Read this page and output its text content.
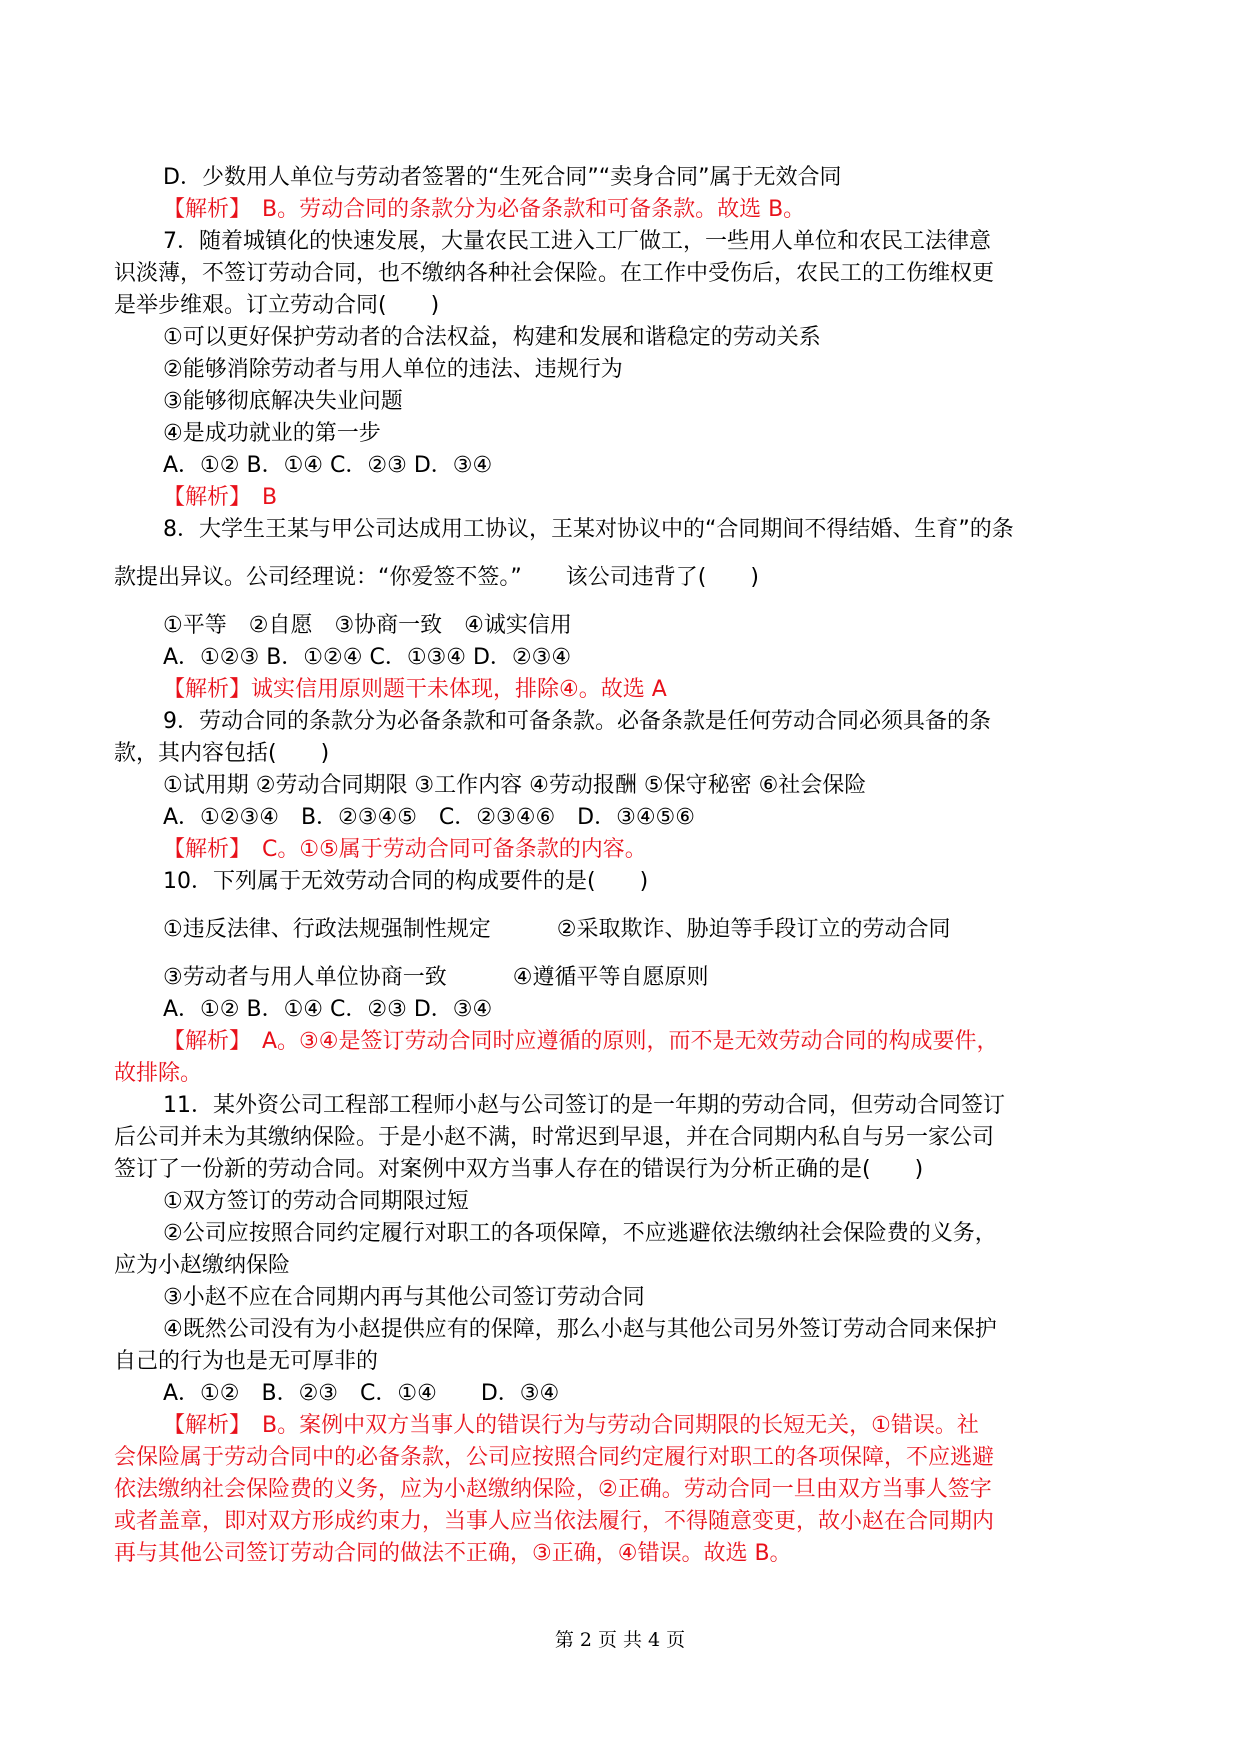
D．少数用人单位与劳动者签署的“生死合同”“卖身合同”属于无效合同
【解析】　B。劳动合同的条款分为必备条款和可备条款。故选 B。
7．随着城镇化的快速发展，大量农民工进入工厂做工，一些用人单位和农民工法律意
识淡薄，不签订劳动合同，也不缴纳各种社会保险。在工作中受伤后，农民工的工伤维权更
是举步维艰。订立劳动合同(　　)
①可以更好保护劳动者的合法权益，构建和发展和谐稳定的劳动关系
②能够消除劳动者与用人单位的违法、违规行为
③能够彻底解决失业问题
④是成功就业的第一步
A．①② B．①④ C．②③ D．③④
【解析】　B
8．大学生王某与甲公司达成用工协议，王某对协议中的“合同期间不得结婚、生育”的条
款提出异议。公司经理说：“你爱签不签。”　　该公司违背了(　　)
①平等　②自愿　③协商一致　④诚实信用
A．①②③ B．①②④ C．①③④ D．②③④
【解析】诚实信用原则题干未体现，排除④。故选 A
9．劳动合同的条款分为必备条款和可备条款。必备条款是任何劳动合同必须具备的条
款，其内容包括(　　)
①试用期 ②劳动合同期限 ③工作内容 ④劳动报酬 ⑤保守秘密 ⑥社会保险
A．①②③④　B．②③④⑤　C．②③④⑥　D．③④⑤⑥
【解析】　C。①⑤属于劳动合同可备条款的内容。
10．下列属于无效劳动合同的构成要件的是(　　)
①违反法律、行政法规强制性规定　　　②采取欺诈、胁迫等手段订立的劳动合同
③劳动者与用人单位协商一致　　　④遵循平等自愿原则
A．①② B．①④ C．②③ D．③④
【解析】　A。③④是签订劳动合同时应遵循的原则，而不是无效劳动合同的构成要件，
故排除。
11．某外资公司工程部工程师小赵与公司签订的是一年期的劳动合同，但劳动合同签订
后公司并未为其缴纳保险。于是小赵不满，时常迟到早退，并在合同期内私自与另一家公司
签订了一份新的劳动合同。对案例中双方当事人存在的错误行为分析正确的是(　　)
①双方签订的劳动合同期限过短
②公司应按照合同约定履行对职工的各项保障，不应逃避依法缴纳社会保险费的义务，
应为小赵缴纳保险
③小赵不应在合同期内再与其他公司签订劳动合同
④既然公司没有为小赵提供应有的保障，那么小赵与其他公司另外签订劳动合同来保护
自己的行为也是无可厚非的
A．①②　B．②③　C．①④　　D．③④
【解析】　B。案例中双方当事人的错误行为与劳动合同期限的长短无关，①错误。社
会保险属于劳动合同中的必备条款，公司应按照合同约定履行对职工的各项保障，不应逃避
依法缴纳社会保险费的义务，应为小赵缴纳保险，②正确。劳动合同一旦由双方当事人签字
或者盖章，即对双方形成约束力，当事人应当依法履行，不得随意变更，故小赵在合同期内
再与其他公司签订劳动合同的做法不正确，③正确，④错误。故选 B。
第 2 页 共 4 页
